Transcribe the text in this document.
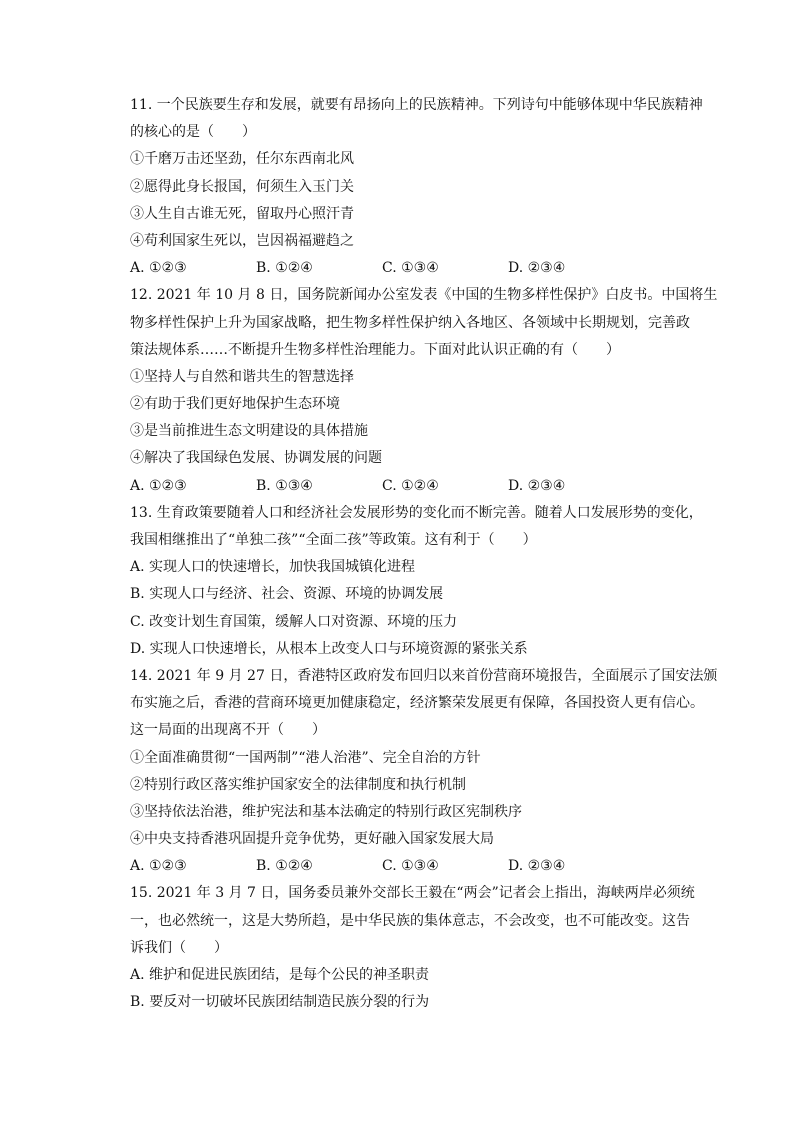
11. 一个民族要生存和发展，就要有昂扬向上的民族精神。下列诗句中能够体现中华民族精神
的核心的是（　　）
①千磨万击还坚劲，任尔东西南北风
②愿得此身长报国，何须生入玉门关
③人生自古谁无死，留取丹心照汗青
④苟利国家生死以，岂因祸福避趋之
A. ①②③	B. ①②④	C. ①③④	D. ②③④
12. 2021 年 10 月 8 日，国务院新闻办公室发表《中国的生物多样性保护》白皮书。中国将生
物多样性保护上升为国家战略，把生物多样性保护纳入各地区、各领域中长期规划，完善政
策法规体系……不断提升生物多样性治理能力。下面对此认识正确的有（　　）
①坚持人与自然和谐共生的智慧选择
②有助于我们更好地保护生态环境
③是当前推进生态文明建设的具体措施
④解决了我国绿色发展、协调发展的问题
A. ①②③	B. ①③④	C. ①②④	D. ②③④
13. 生育政策要随着人口和经济社会发展形势的变化而不断完善。随着人口发展形势的变化，
我国相继推出了“单独二孩”“全面二孩”等政策。这有利于（　　）
A. 实现人口的快速增长，加快我国城镇化进程
B. 实现人口与经济、社会、资源、环境的协调发展
C. 改变计划生育国策，缓解人口对资源、环境的压力
D. 实现人口快速增长，从根本上改变人口与环境资源的紧张关系
14. 2021 年 9 月 27 日，香港特区政府发布回归以来首份营商环境报告，全面展示了国安法颁
布实施之后，香港的营商环境更加健康稳定，经济繁荣发展更有保障，各国投资人更有信心。
这一局面的出现离不开（　　）
①全面准确贯彻“一国两制”“港人治港”、完全自治的方针
②特别行政区落实维护国家安全的法律制度和执行机制
③坚持依法治港，维护宪法和基本法确定的特别行政区宪制秩序
④中央支持香港巩固提升竞争优势，更好融入国家发展大局
A. ①②③	B. ①②④	C. ①③④	D. ②③④
15. 2021 年 3 月 7 日，国务委员兼外交部长王毅在“两会”记者会上指出，海峡两岸必须统
一，也必然统一，这是大势所趋，是中华民族的集体意志，不会改变，也不可能改变。这告
诉我们（　　）
A. 维护和促进民族团结，是每个公民的神圣职责
B. 要反对一切破坏民族团结制造民族分裂的行为
